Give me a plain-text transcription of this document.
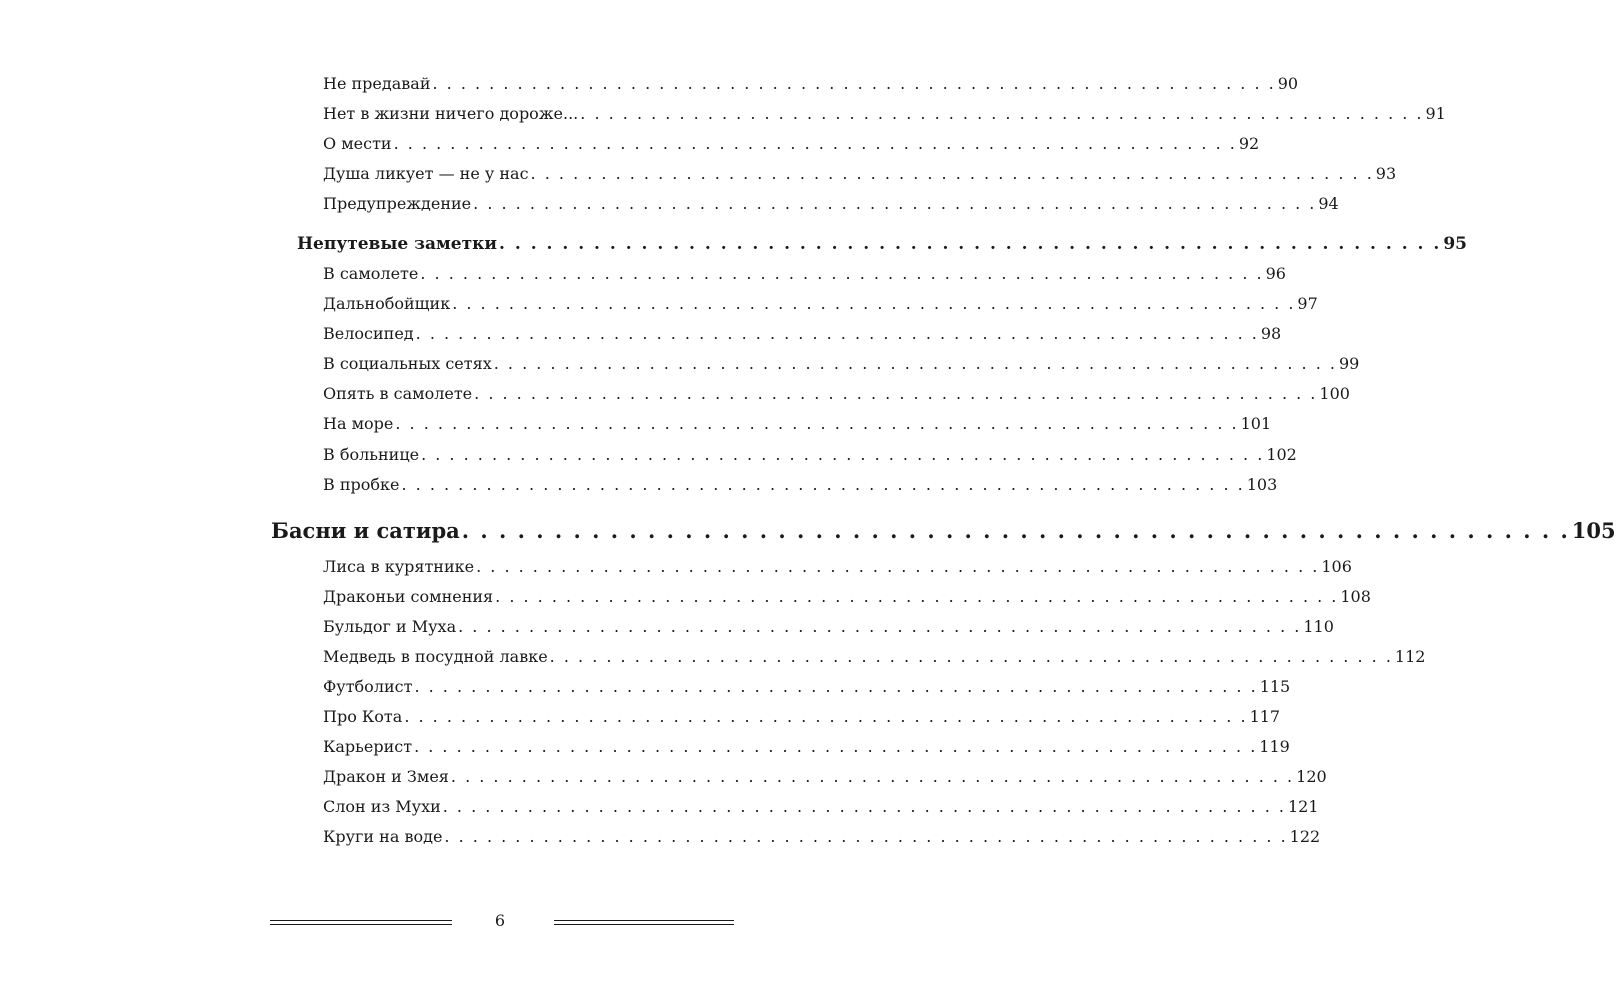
Не предавай . . . . . . . . . . . . . . . . . . . . . . . . . . . . . . . . . . . . . . . . . . . . . . . . . . . . . . . . . . . . 90
Нет в жизни ничего дороже... . . . . . . . . . . . . . . . . . . . . . . . . . . . . . . . . . . . . . . . . . . . . . . . . . . . . . . . . . . . . 91
О мести . . . . . . . . . . . . . . . . . . . . . . . . . . . . . . . . . . . . . . . . . . . . . . . . . . . . . . . . . . . . 92
Душа ликует — не у нас . . . . . . . . . . . . . . . . . . . . . . . . . . . . . . . . . . . . . . . . . . . . . . . . . . . . . . . . . . . . 93
Предупреждение . . . . . . . . . . . . . . . . . . . . . . . . . . . . . . . . . . . . . . . . . . . . . . . . . . . . . . . . . . . . 94
Непутевые заметки . . . . . . . . . . . . . . . . . . . . . . . . . . . . . . . . . . . . . . . . . . . . . . . . . . . . . . . . . . . . 95
В самолете . . . . . . . . . . . . . . . . . . . . . . . . . . . . . . . . . . . . . . . . . . . . . . . . . . . . . . . . . . . . 96
Дальнобойщик . . . . . . . . . . . . . . . . . . . . . . . . . . . . . . . . . . . . . . . . . . . . . . . . . . . . . . . . . . . . 97
Велосипед . . . . . . . . . . . . . . . . . . . . . . . . . . . . . . . . . . . . . . . . . . . . . . . . . . . . . . . . . . . . 98
В социальных сетях . . . . . . . . . . . . . . . . . . . . . . . . . . . . . . . . . . . . . . . . . . . . . . . . . . . . . . . . . . . . 99
Опять в самолете . . . . . . . . . . . . . . . . . . . . . . . . . . . . . . . . . . . . . . . . . . . . . . . . . . . . . . . . . . . . 100
На море . . . . . . . . . . . . . . . . . . . . . . . . . . . . . . . . . . . . . . . . . . . . . . . . . . . . . . . . . . . . 101
В больнице . . . . . . . . . . . . . . . . . . . . . . . . . . . . . . . . . . . . . . . . . . . . . . . . . . . . . . . . . . . . 102
В пробке . . . . . . . . . . . . . . . . . . . . . . . . . . . . . . . . . . . . . . . . . . . . . . . . . . . . . . . . . . . . 103
Басни и сатира . . . . . . . . . . . . . . . . . . . . . . . . . . . . . . . . . . . . . . . . . . . . . . . . . . . . . . . . . . . . 105
Лиса в курятнике . . . . . . . . . . . . . . . . . . . . . . . . . . . . . . . . . . . . . . . . . . . . . . . . . . . . . . . . . . . . 106
Драконьи сомнения . . . . . . . . . . . . . . . . . . . . . . . . . . . . . . . . . . . . . . . . . . . . . . . . . . . . . . . . . . . . 108
Бульдог и Муха . . . . . . . . . . . . . . . . . . . . . . . . . . . . . . . . . . . . . . . . . . . . . . . . . . . . . . . . . . . . 110
Медведь в посудной лавке . . . . . . . . . . . . . . . . . . . . . . . . . . . . . . . . . . . . . . . . . . . . . . . . . . . . . . . . . . . . 112
Футболист . . . . . . . . . . . . . . . . . . . . . . . . . . . . . . . . . . . . . . . . . . . . . . . . . . . . . . . . . . . . 115
Про Кота . . . . . . . . . . . . . . . . . . . . . . . . . . . . . . . . . . . . . . . . . . . . . . . . . . . . . . . . . . . . 117
Карьерист . . . . . . . . . . . . . . . . . . . . . . . . . . . . . . . . . . . . . . . . . . . . . . . . . . . . . . . . . . . . 119
Дракон и Змея . . . . . . . . . . . . . . . . . . . . . . . . . . . . . . . . . . . . . . . . . . . . . . . . . . . . . . . . . . . . 120
Слон из Мухи . . . . . . . . . . . . . . . . . . . . . . . . . . . . . . . . . . . . . . . . . . . . . . . . . . . . . . . . . . . . 121
Круги на воде . . . . . . . . . . . . . . . . . . . . . . . . . . . . . . . . . . . . . . . . . . . . . . . . . . . . . . . . . . . . 122
6
